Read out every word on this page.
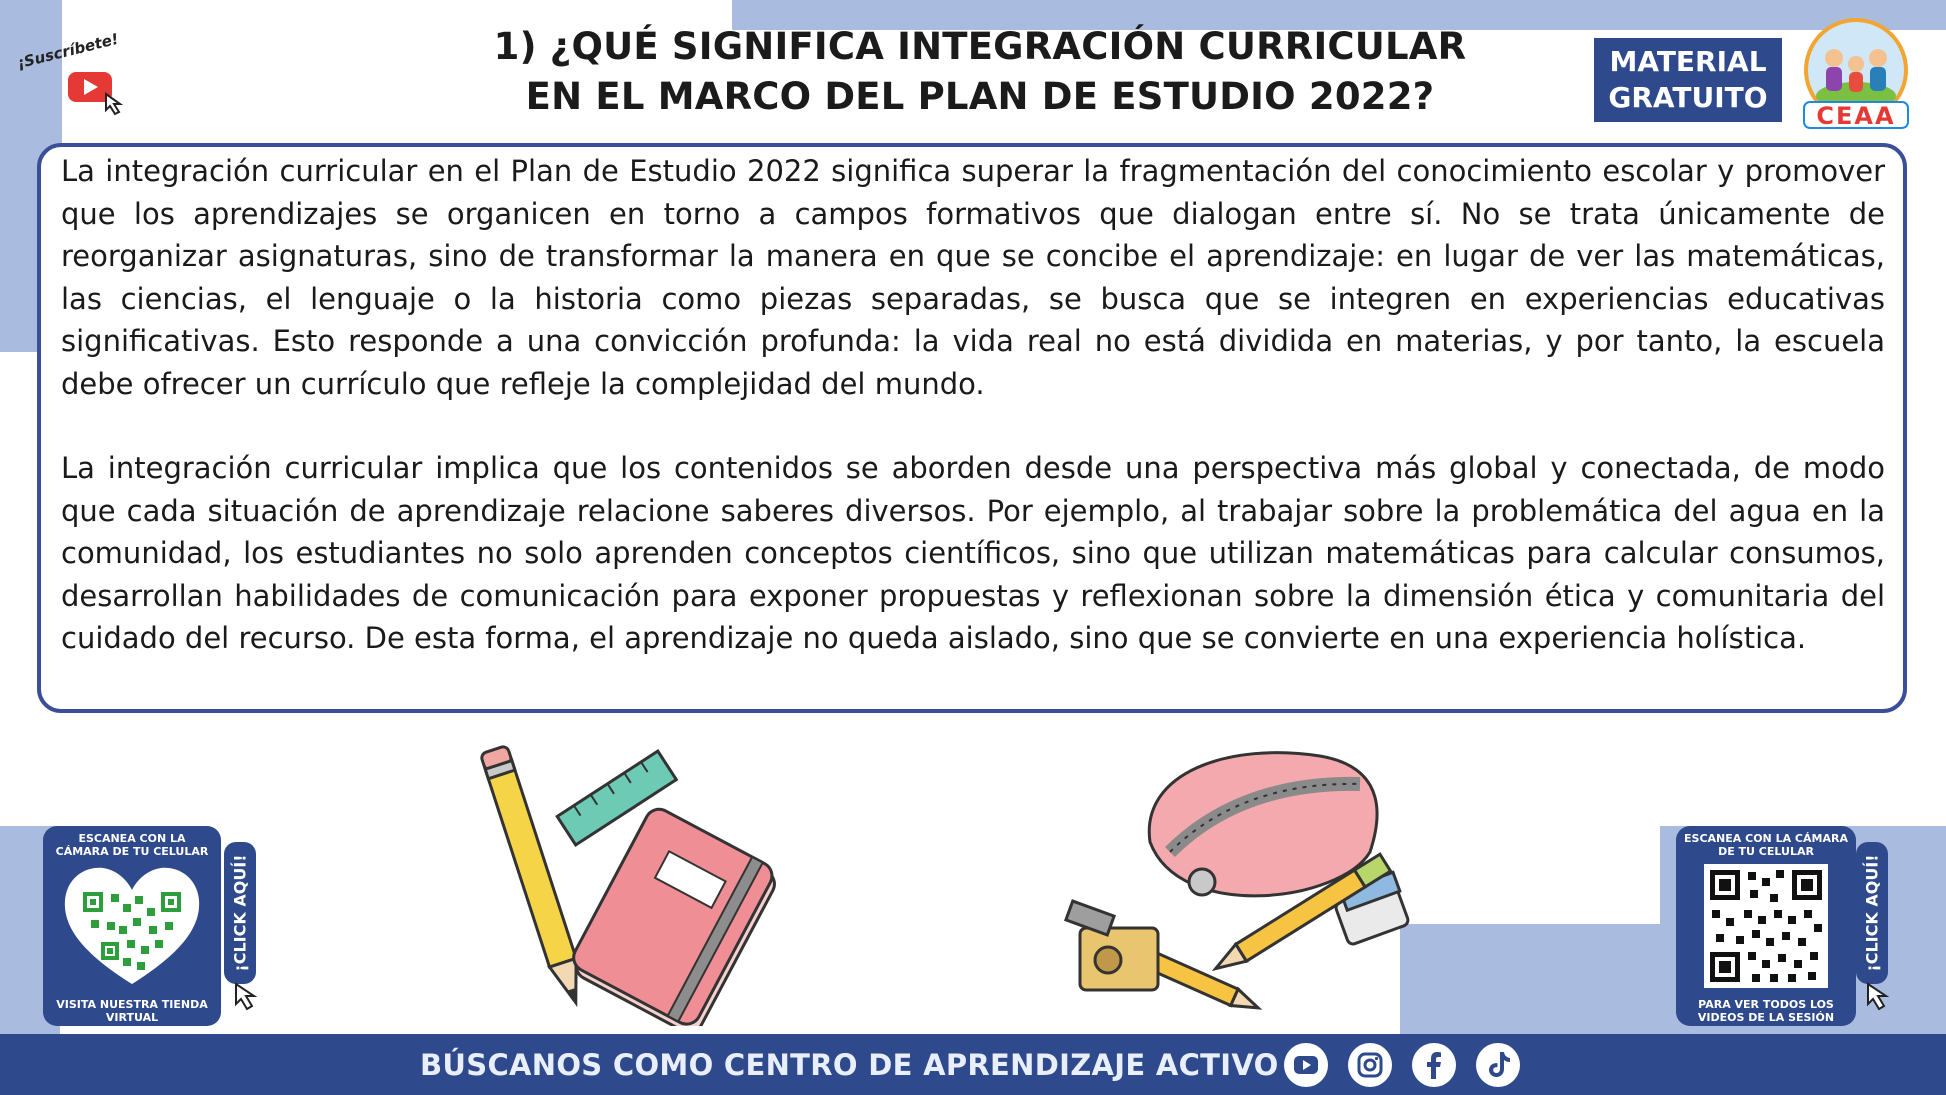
¡Suscríbete!	1) ¿QUÉ SIGNIFICA INTEGRACIÓN CURRICULAR
EN EL MARCO DEL PLAN DE ESTUDIO 2022?
MATERIAL
GRATUITO
CEAA

La integración curricular en el Plan de Estudio 2022 significa superar la fragmentación del conocimiento escolar y promover que los aprendizajes se organicen en torno a campos formativos que dialogan entre sí. No se trata únicamente de reorganizar asignaturas, sino de transformar la manera en que se concibe el aprendizaje: en lugar de ver las matemáticas, las ciencias, el lenguaje o la historia como piezas separadas, se busca que se integren en experiencias educativas significativas. Esto responde a una convicción profunda: la vida real no está dividida en materias, y por tanto, la escuela debe ofrecer un currículo que refleje la complejidad del mundo.

La integración curricular implica que los contenidos se aborden desde una perspectiva más global y conectada, de modo que cada situación de aprendizaje relacione saberes diversos. Por ejemplo, al trabajar sobre la problemática del agua en la comunidad, los estudiantes no solo aprenden conceptos científicos, sino que utilizan matemáticas para calcular consumos, desarrollan habilidades de comunicación para exponer propuestas y reflexionan sobre la dimensión ética y comunitaria del cuidado del recurso. De esta forma, el aprendizaje no queda aislado, sino que se convierte en una experiencia holística.

ESCANEA CON LA CÁMARA DE TU CELULAR
VISITA NUESTRA TIENDA VIRTUAL
¡CLICK AQUÍ!
ESCANEA CON LA CÁMARA DE TU CELULAR
PARA VER TODOS LOS VIDEOS DE LA SESIÓN
¡CLICK AQUÍ!
BÚSCANOS COMO CENTRO DE APRENDIZAJE ACTIVO
